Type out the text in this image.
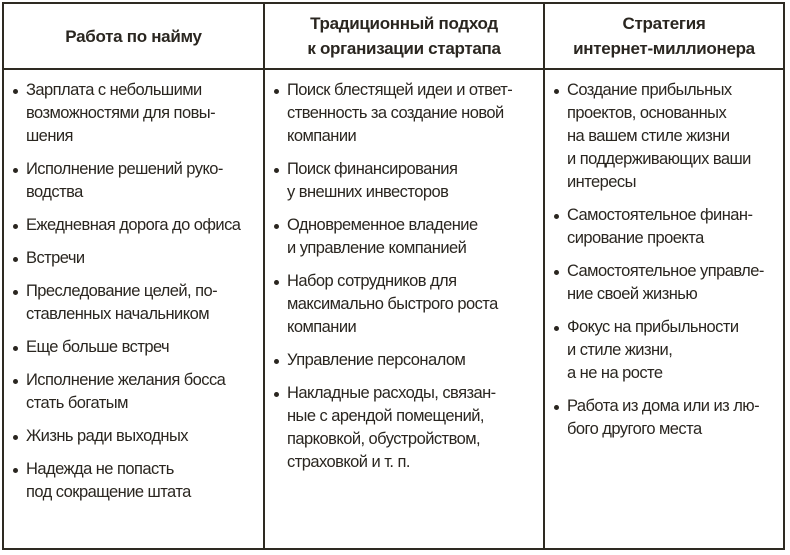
Работа по найму
Традиционный подход
к организации стартапа
Стратегия
интернет-миллионера
Зарплата с небольшими
возможностями для повы-
шения
Исполнение решений руко-
водства
Ежедневная дорога до офиса
Встречи
Преследование целей, по-
ставленных начальником
Еще больше встреч
Исполнение желания босса
стать богатым
Жизнь ради выходных
Надежда не попасть
под сокращение штата
Поиск блестящей идеи и ответ-
ственность за создание новой
компании
Поиск финансирования
у внешних инвесторов
Одновременное владение
и управление компанией
Набор сотрудников для
максимально быстрого роста
компании
Управление персоналом
Накладные расходы, связан-
ные с арендой помещений,
парковкой, обустройством,
страховкой и т. п.
Создание прибыльных
проектов, основанных
на вашем стиле жизни
и поддерживающих ваши
интересы
Самостоятельное финан-
сирование проекта
Самостоятельное управле-
ние своей жизнью
Фокус на прибыльности
и стиле жизни,
а не на росте
Работа из дома или из лю-
бого другого места
